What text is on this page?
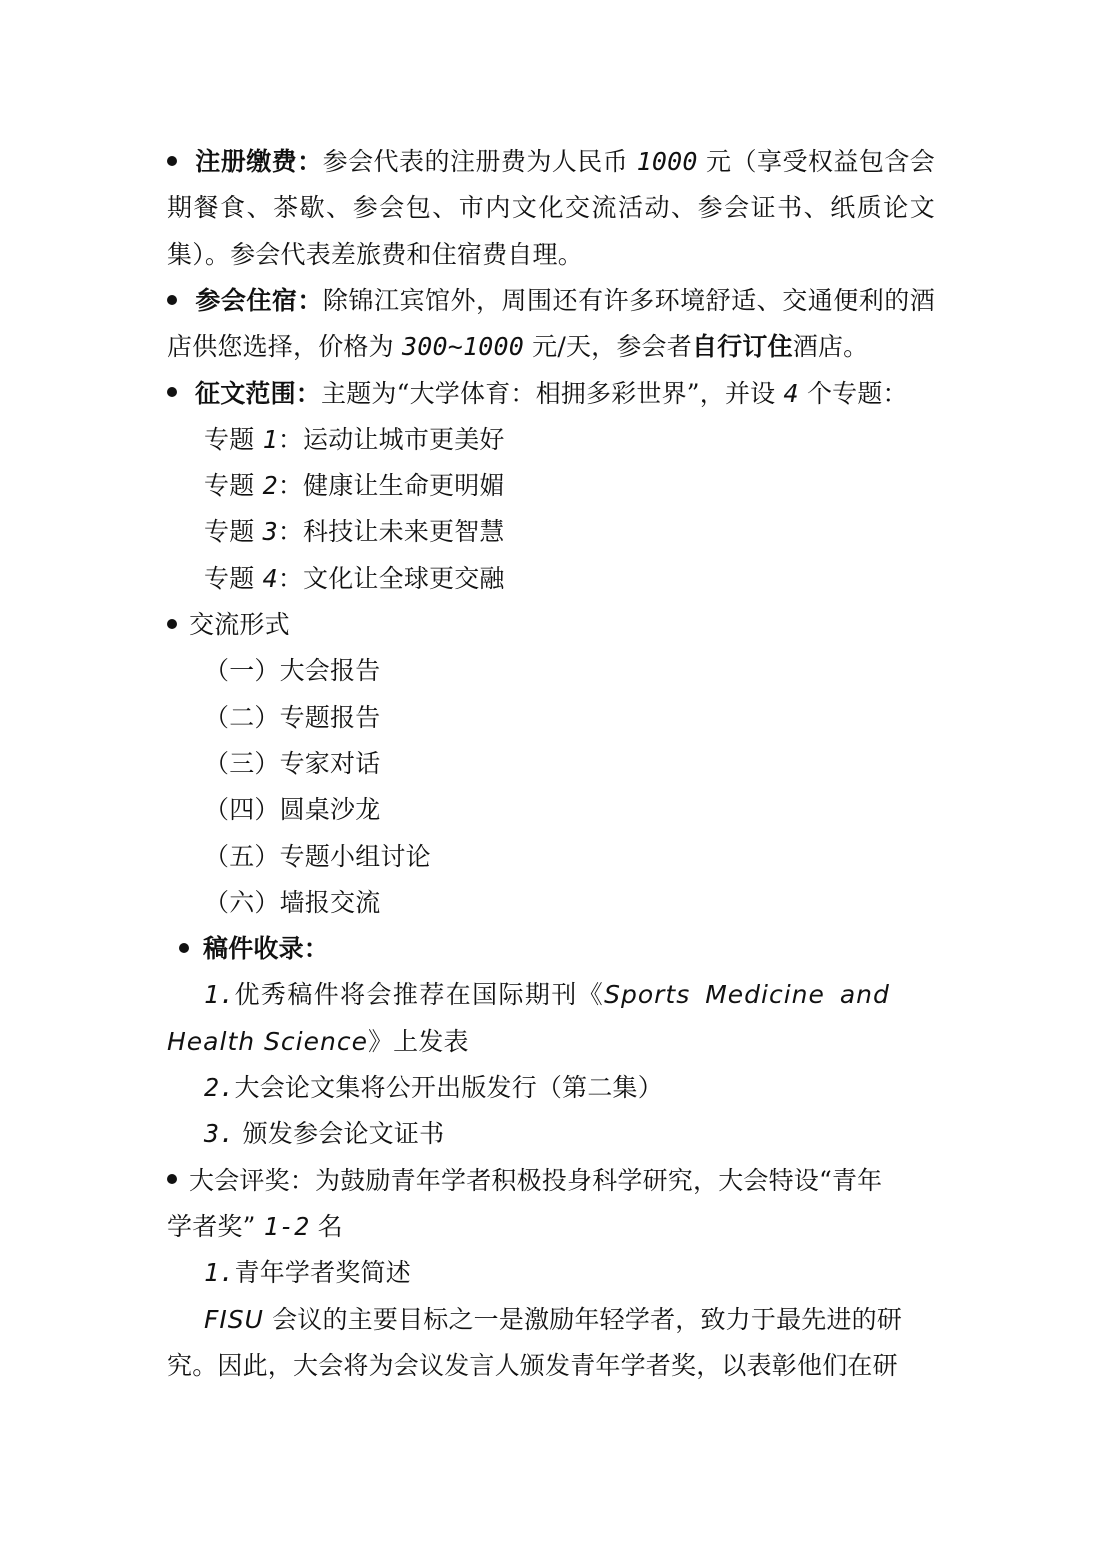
注册缴费：参会代表的注册费为人民币 1000 元（享受权益包含会期餐食、茶歇、参会包、市内文化交流活动、参会证书、纸质论文集）。参会代表差旅费和住宿费自理。
参会住宿：除锦江宾馆外，周围还有许多环境舒适、交通便利的酒店供您选择，价格为 300~1000 元/天，参会者自行订住酒店。
征文范围：主题为“大学体育：相拥多彩世界”，并设 4 个专题：
专题 1：运动让城市更美好
专题 2：健康让生命更明媚
专题 3：科技让未来更智慧
专题 4：文化让全球更交融
交流形式
（一）大会报告
（二）专题报告
（三）专家对话
（四）圆桌沙龙
（五）专题小组讨论
（六）墙报交流
稿件收录：
1.优秀稿件将会推荐在国际期刊《Sports Medicine and
Health Science》上发表
2.大会论文集将公开出版发行（第二集）
3. 颁发参会论文证书
大会评奖：为鼓励青年学者积极投身科学研究，大会特设“青年
学者奖” 1-2 名
1.青年学者奖简述
FISU 会议的主要目标之一是激励年轻学者，致力于最先进的研
究。因此，大会将为会议发言人颁发青年学者奖，以表彰他们在研
